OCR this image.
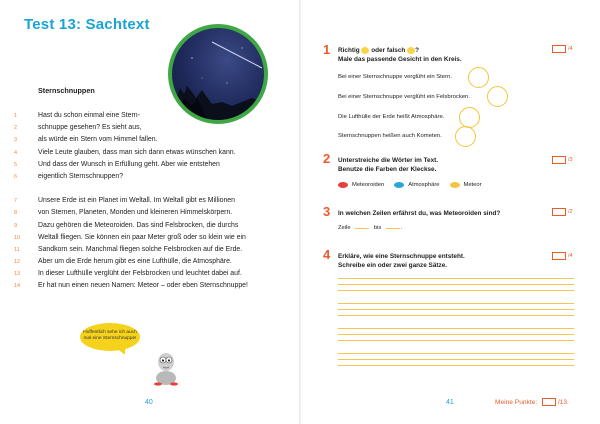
Test 13: Sachtext
Sternschnuppen
1	Hast du schon einmal eine Stern-
2	schnuppe gesehen? Es sieht aus,
3	als würde ein Stern vom Himmel fallen.
4	Viele Leute glauben, dass man sich dann etwas wünschen kann.
5	Und dass der Wunsch in Erfüllung geht. Aber wie entstehen
6	eigentlich Sternschnuppen?
7	Unsere Erde ist ein Planet im Weltall. Im Weltall gibt es Millionen
8	von Sternen, Planeten, Monden und kleineren Himmelskörpern.
9	Dazu gehören die Meteoroiden. Das sind Felsbrocken, die durchs
10	Weltall fliegen. Sie können ein paar Meter groß oder so klein wie ein
11	Sandkorn sein. Manchmal fliegen solche Felsbrocken auf die Erde.
12	Aber um die Erde herum gibt es eine Lufthülle, die Atmosphäre.
13	In dieser Lufthülle verglüht der Felsbrocken und leuchtet dabei auf.
14	Er hat nun einen neuen Namen: Meteor – oder eben Sternschnuppe!
Hoffentlich sehe ich auch mal eine Sternschnuppe!
40
1 Richtig oder falsch ?
Male das passende Gesicht in den Kreis.
/4
Bei einer Sternschnuppe verglüht ein Stern.
Bei einer Sternschnuppe verglüht ein Felsbrocken.
Die Lufthülle der Erde heißt Atmosphäre.
Sternschnuppen heißen auch Kometen.
2 Unterstreiche die Wörter im Text.
Benutze die Farben der Kleckse.
/3
Meteoroiden	Atmosphäre	Meteor
3 In welchen Zeilen erfährst du, was Meteoroiden sind?	/2
Zeile	bis	.
4 Erkläre, wie eine Sternschnuppe entsteht.
Schreibe ein oder zwei ganze Sätze.
/4
41	Meine Punkte:	/13
